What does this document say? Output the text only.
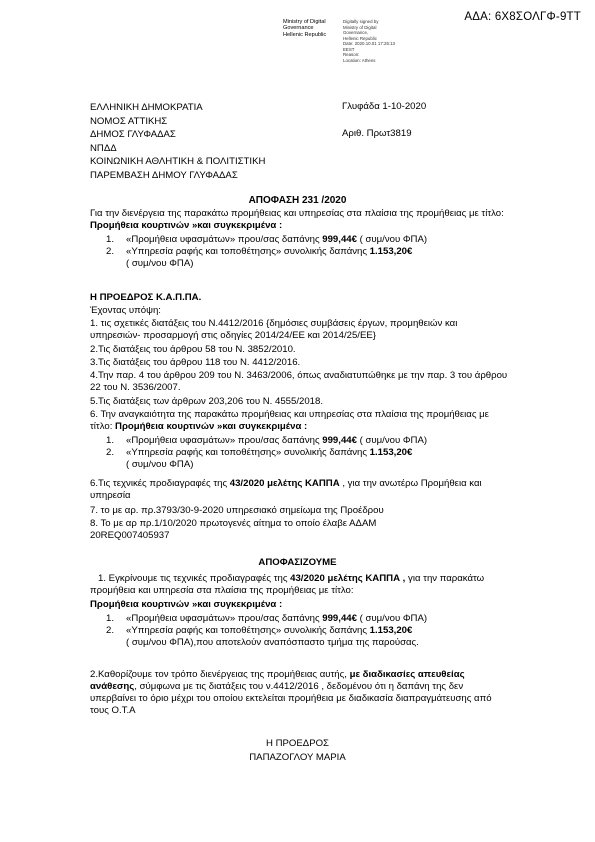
ΑΔΑ: 6Χ8ΣΟΛΓΦ-9ΤΤ
Ministry of Digital
Governance
Hellenic Republic
Digitally signed by
Ministry of Digital
Governance,
Hellenic Republic
Date: 2020.10.01 17:25:13
EEST
Reason:
Location: Athens
ΕΛΛΗΝΙΚΗ ΔΗΜΟΚΡΑΤΙΑ
ΝΟΜΟΣ ΑΤΤΙΚΗΣ
ΔΗΜΟΣ ΓΛΥΦΑΔΑΣ
ΝΠΔΔ
ΚΟΙΝΩΝΙΚΗ ΑΘΛΗΤΙΚΗ & ΠΟΛΙΤΙΣΤΙΚΗ
ΠΑΡΕΜΒΑΣΗ ΔΗΜΟΥ ΓΛΥΦΑΔΑΣ
Γλυφάδα 1-10-2020
Αριθ. Πρωτ3819
ΑΠΟΦΑΣΗ 231 /2020
Για την διενέργεια της παρακάτω προμήθειας και υπηρεσίας στα πλαίσια της προμήθειας με τίτλο: Προμήθεια κουρτινών »και συγκεκριμένα :
1. «Προμήθεια υφασμάτων» πρου/σας δαπάνης 999,44€ ( συμ/νου ΦΠΑ)
2. «Υπηρεσία ραφής και τοποθέτησης» συνολικής δαπάνης 1.153,20€
( συμ/νου ΦΠΑ)
Η ΠΡΟΕΔΡΟΣ Κ.Α.Π.ΠΑ.
Έχοντας υπόψη:
1. τις σχετικές διατάξεις του Ν.4412/2016 {δημόσιες συμβάσεις έργων, προμηθειών και υπηρεσιών- προσαρμογή στις οδηγίες 2014/24/ΕΕ και 2014/25/ΕΕ}
2.Τις διατάξεις του άρθρου 58 του Ν. 3852/2010.
3.Τις διατάξεις του άρθρου 118 του Ν. 4412/2016.
4.Την παρ. 4 του άρθρου 209 του Ν. 3463/2006, όπως αναδιατυπώθηκε με την παρ. 3 του άρθρου 22 του Ν. 3536/2007.
5.Τις διατάξεις των άρθρων 203,206 του Ν. 4555/2018.
6. Την αναγκαιότητα της παρακάτω προμήθειας και υπηρεσίας στα πλαίσια της προμήθειας με τίτλο: Προμήθεια κουρτινών »και συγκεκριμένα :
1. «Προμήθεια υφασμάτων» πρου/σας δαπάνης 999,44€ ( συμ/νου ΦΠΑ)
2. «Υπηρεσία ραφής και τοποθέτησης» συνολικής δαπάνης 1.153,20€
( συμ/νου ΦΠΑ)
6.Τις τεχνικές προδιαγραφές της 43/2020 μελέτης ΚΑΠΠΑ , για την ανωτέρω Προμήθεια και υπηρεσία
7. το με αρ. πρ.3793/30-9-2020 υπηρεσιακό σημείωμα της Προέδρου
8. Το με αρ πρ.1/10/2020 πρωτογενές αίτημα το οποίο έλαβε ΑΔΑΜ 20REQ007405937
ΑΠΟΦΑΣΙΖΟΥΜΕ
1. Εγκρίνουμε τις τεχνικές προδιαγραφές της 43/2020 μελέτης ΚΑΠΠΑ , για την παρακάτω προμήθεια και υπηρεσία στα πλαίσια της προμήθειας με τίτλο:
Προμήθεια κουρτινών »και συγκεκριμένα :
1. «Προμήθεια υφασμάτων» πρου/σας δαπάνης 999,44€ ( συμ/νου ΦΠΑ)
2. «Υπηρεσία ραφής και τοποθέτησης» συνολικής δαπάνης 1.153,20€
( συμ/νου ΦΠΑ),που αποτελούν αναπόσπαστο τμήμα της παρούσας.
2.Καθορίζουμε τον τρόπο διενέργειας της προμήθειας αυτής, με διαδικασίες απευθείας ανάθεσης, σύμφωνα με τις διατάξεις του ν.4412/2016 , δεδομένου ότι η δαπάνη της δεν υπερβαίνει το όριο μέχρι του οποίου εκτελείται προμήθεια με διαδικασία διαπραγμάτευσης από τους Ο.Τ.Α
Η ΠΡΟΕΔΡΟΣ
ΠΑΠΑΖΟΓΛΟΥ ΜΑΡΙΑ
